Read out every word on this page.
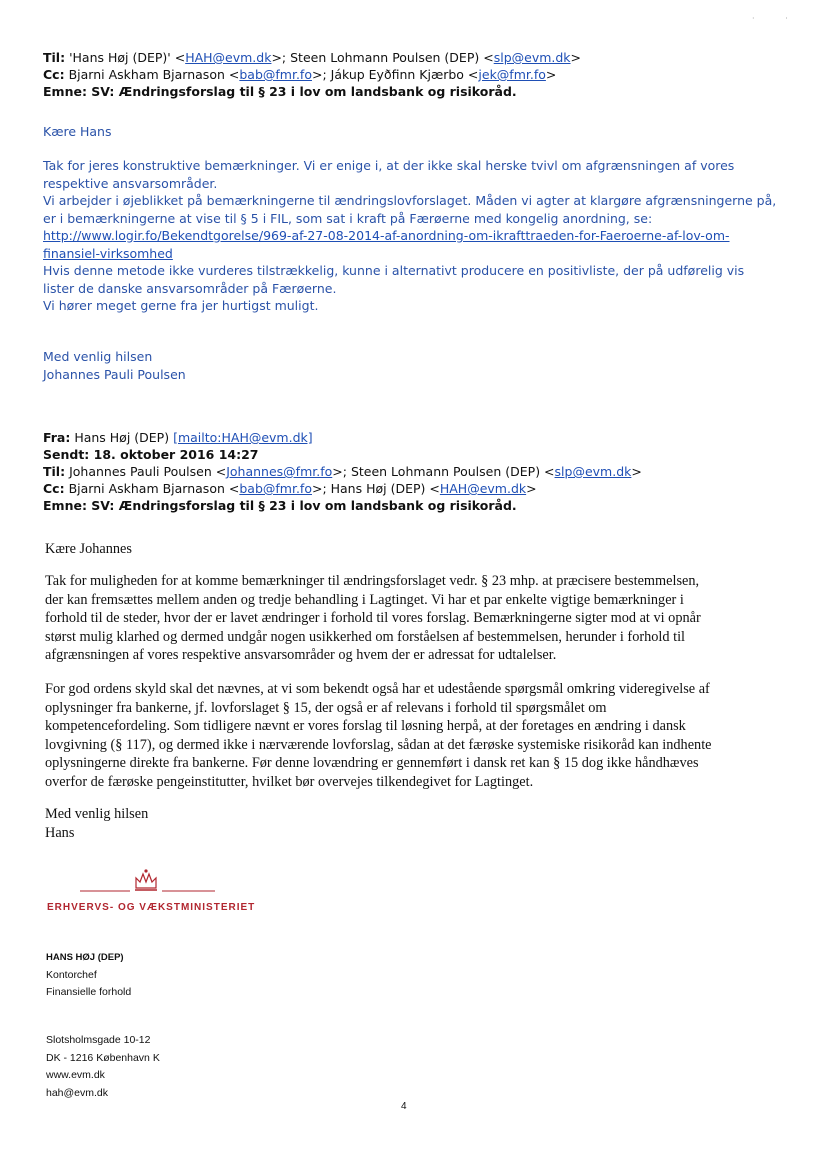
· ·
Til: 'Hans Høj (DEP)' <HAH@evm.dk>; Steen Lohmann Poulsen (DEP) <slp@evm.dk>
Cc: Bjarni Askham Bjarnason <bab@fmr.fo>; Jákup Eyðfinn Kjærbo <jek@fmr.fo>
Emne: SV: Ændringsforslag til § 23 i lov om landsbank og risikoråd.
Kære Hans
Tak for jeres konstruktive bemærkninger. Vi er enige i, at der ikke skal herske tvivl om afgrænsningen af vores
respektive ansvarsområder.
Vi arbejder i øjeblikket på bemærkningerne til ændringslovforslaget. Måden vi agter at klargøre afgrænsningerne på,
er i bemærkningerne at vise til § 5 i FIL, som sat i kraft på Færøerne med kongelig anordning, se:
http://www.logir.fo/Bekendtgorelse/969-af-27-08-2014-af-anordning-om-ikrafttraeden-for-Faeroerne-af-lov-om-
finansiel-virksomhed
Hvis denne metode ikke vurderes tilstrækkelig, kunne i alternativt producere en positivliste, der på udførelig vis
lister de danske ansvarsområder på Færøerne.
Vi hører meget gerne fra jer hurtigst muligt.
Med venlig hilsen
Johannes Pauli Poulsen
Fra: Hans Høj (DEP) [mailto:HAH@evm.dk]
Sendt: 18. oktober 2016 14:27
Til: Johannes Pauli Poulsen <Johannes@fmr.fo>; Steen Lohmann Poulsen (DEP) <slp@evm.dk>
Cc: Bjarni Askham Bjarnason <bab@fmr.fo>; Hans Høj (DEP) <HAH@evm.dk>
Emne: SV: Ændringsforslag til § 23 i lov om landsbank og risikoråd.
Kære Johannes
Tak for muligheden for at komme bemærkninger til ændringsforslaget vedr. § 23 mhp. at præcisere bestemmelsen,
der kan fremsættes mellem anden og tredje behandling i Lagtinget. Vi har et par enkelte vigtige bemærkninger i
forhold til de steder, hvor der er lavet ændringer i forhold til vores forslag. Bemærkningerne sigter mod at vi opnår
størst mulig klarhed og dermed undgår nogen usikkerhed om forståelsen af bestemmelsen, herunder i forhold til
afgrænsningen af vores respektive ansvarsområder og hvem der er adressat for udtalelser.
For god ordens skyld skal det nævnes, at vi som bekendt også har et udestående spørgsmål omkring videregivelse af
oplysninger fra bankerne, jf. lovforslaget § 15, der også er af relevans i forhold til spørgsmålet om
kompetencefordeling. Som tidligere nævnt er vores forslag til løsning herpå, at der foretages en ændring i dansk
lovgivning (§ 117), og dermed ikke i nærværende lovforslag, sådan at det færøske systemiske risikoråd kan indhente
oplysningerne direkte fra bankerne. Før denne lovændring er gennemført i dansk ret kan § 15 dog ikke håndhæves
overfor de færøske pengeinstitutter, hvilket bør overvejes tilkendegivet for Lagtinget.
Med venlig hilsen
Hans
ERHVERVS- OG VÆKSTMINISTERIET
HANS HØJ (DEP)
Kontorchef
Finansielle forhold
Slotsholmsgade 10-12
DK - 1216 København K
www.evm.dk
hah@evm.dk
4
